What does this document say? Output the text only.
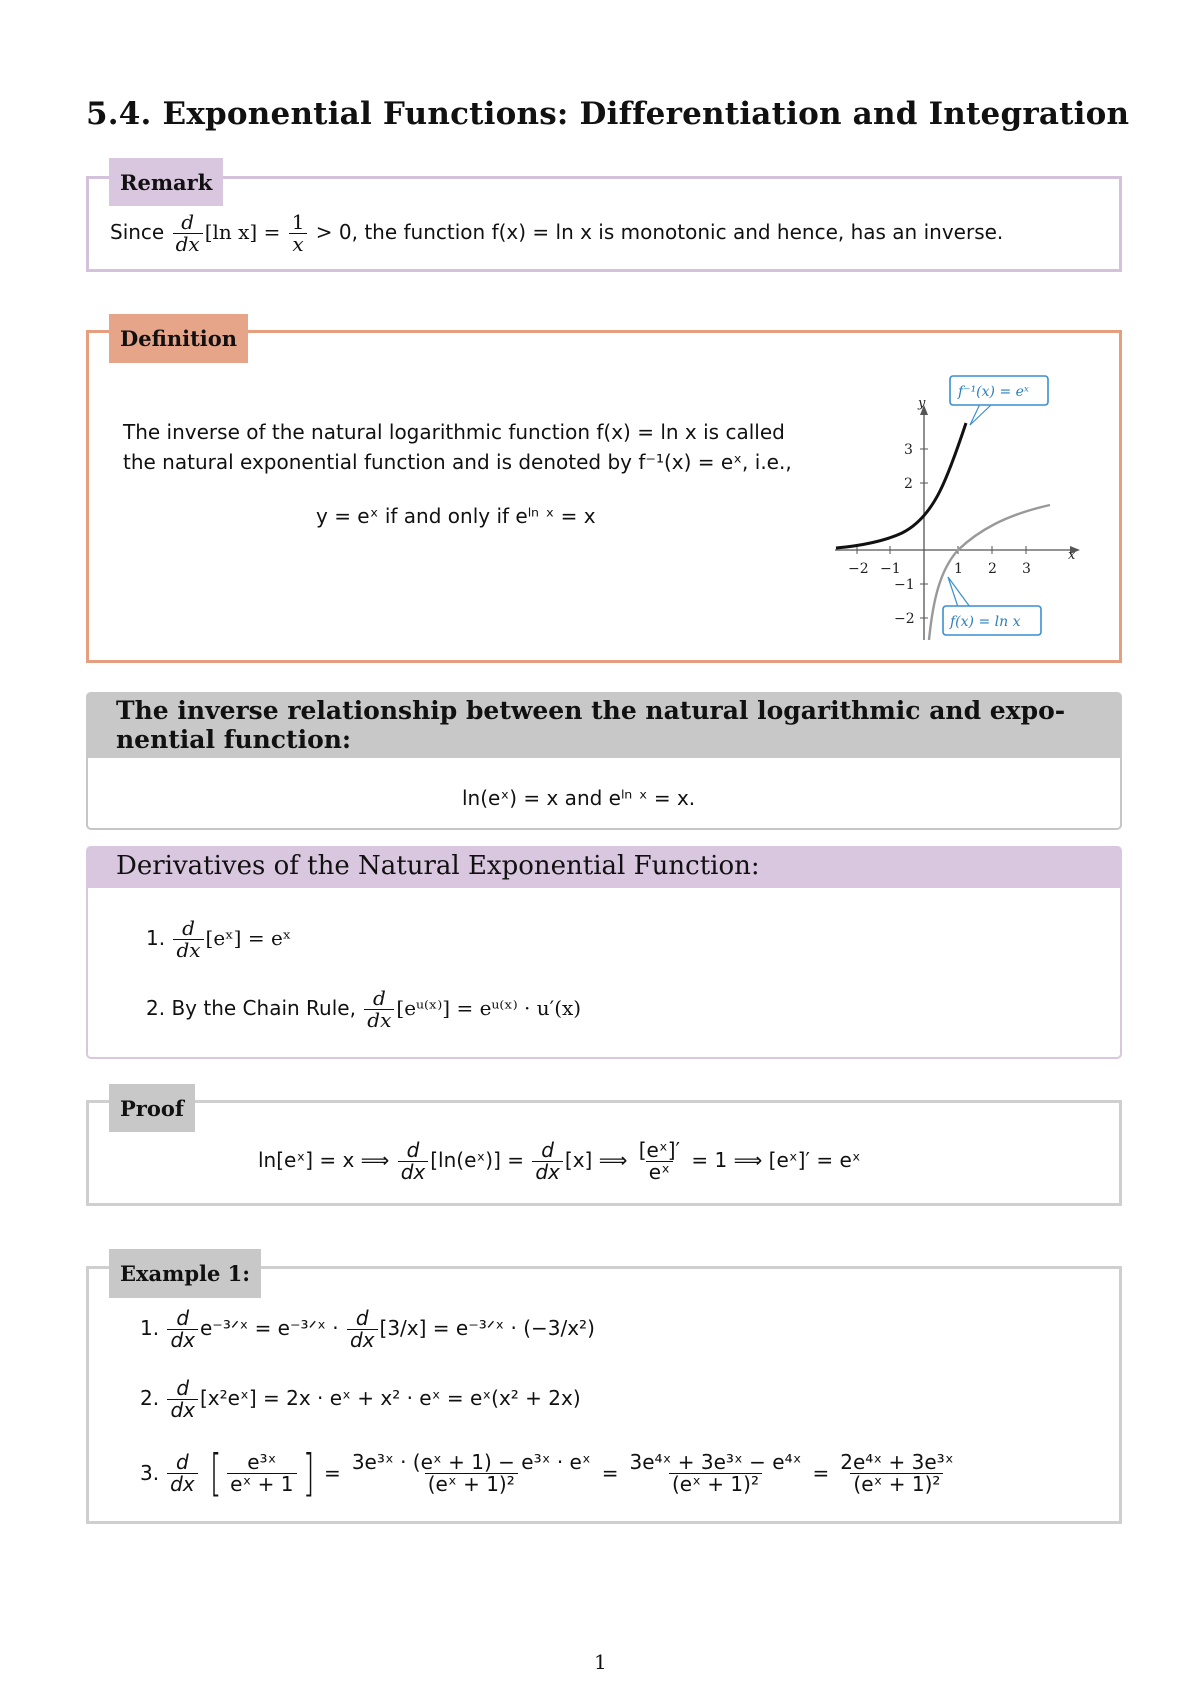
5.4. Exponential Functions: Differentiation and Integration
Remark
Since $\frac{d}{dx} [\ln$ $x] = \frac{1}{x} > 0$, the function f(x) = ln x is monotonic and hence, has an inverse.
Definition
The inverse of the natural logarithmic function f(x) = ln x is called
the natural exponential function and is denoted by f⁻¹(x) = eˣ, i.e.,
y = eˣ if and only if eˡⁿ ˣ = x
x
y
−2 −1	1 2 3
3
2
−1
−2
f⁻¹(x) = eˣ
f(x) = ln x
The inverse relationship between the natural logarithmic and expo-
nential function:
ln(eˣ) = x and eˡⁿ ˣ = x.
Derivatives of the Natural Exponential Function:
1. $\frac{d}{dx}$ [eˣ] = eˣ
2. By the Chain Rule, $\frac{d}{dx}$ [eᵘ⁽ˣ⁾] = eᵘ⁽ˣ⁾ · u′(x)
Proof
ln[eˣ] = x ⟹ $\frac{d}{dx}$ [ln(eˣ)] = $\frac{d}{dx} [x]$ ⟹ $\frac{\text{[eˣ]′}}{\text{eˣ}} = 1$ ⟹ [eˣ]′ = eˣ
Example 1:
1. $\frac{d}{dx}$ e⁻³ᐟˣ = e⁻³ᐟˣ · $\frac{d}{dx} [3/x]$ = e⁻³ᐟˣ · (−3/x²)
2. $\frac{d}{dx}$ [x²eˣ] = 2x · eˣ + x² · eˣ = eˣ(x² + 2x)
3. $\frac{d}{dx}$ [ $\frac{\text{e³ˣ}}{\text{eˣ + 1}}$ ] = $\frac{\text{3e³ˣ · (eˣ + 1) − e³ˣ · eˣ}}{\text{(eˣ + 1)²}} = \frac{\text{3e⁴ˣ + 3e³ˣ − e⁴ˣ}}{\text{(eˣ + 1)²}} = \frac{\text{2e⁴ˣ + 3e³ˣ}}{\text{(eˣ + 1)²}}$
1
